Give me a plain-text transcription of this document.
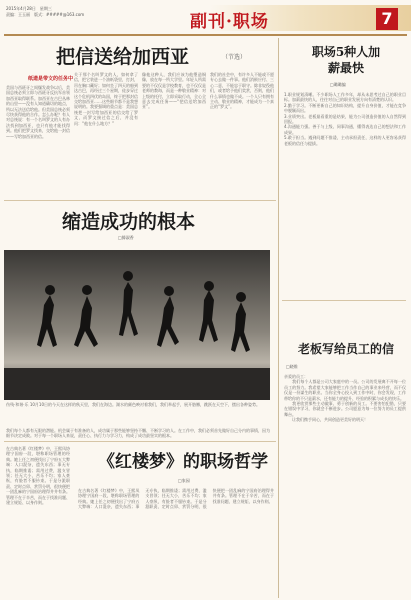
2015年4月28日　星期三
责编：王玉丽　版式：#####@163.com	副刊·职场	7
把信送给加西亚	（节选）
纸遗是带文的任务中
美国与西班牙之间爆发战争以后，美国总统必须立即与西班牙反抗军首领加西亚取得联系。加西亚在古巴丛林的山里——没有人知道确切的地点，所以无法送信给他。但美国总统必须尽快获得他的合作。怎么办呢？有人对总统说：有一个名叫罗文的人有办法找到加西亚，也只有他才能找得到。他们把罗文找来，交给他一封信——写给加西亚的信。
关于那个名叫罗文的人，如何拿了信，把它装进一个油纸袋里，打封，吊在胸口藏好；如何坐了四天的船到达古巴，再经过三个星期，徒步穿过这个危机四伏的岛国，终于把那封信交给加西亚……这些细节都不是我想说明的。我要强调的重点是：美国总统把一封写给加西亚的信交给了罗文，而罗文接过信之后，并没有问：“他在什么地方？”
像他这种人，我们应该为他塑造铜像，放在每一所大学里。年轻人所需要的不仅仅是学校教育，也不仅仅是老师的教诲，而是一种敬业精神：对上级的托付，立即采取行动，全心全意去完成任务——“把信送给加西亚”。
我们的社会中，有许多人不能或不愿专心去做一件事。他们消极应付、三心二意，不能忠于职守。除非奴役他们，或者给予他们奖赏，否则，他们什么事情也做不成。一个人只有拥有主动、敬业的精神，才能成为一个真正的“罗文”。
缩造成功的根本
□滕淑香
伤残·和谐·乐 10月10日的今天在这样的秋天里，我们在海边。湖水的颜色映衬着我们，我们举起手，展开胳膊，跳跃在天空下，摆出各种姿势。
我们每个人都有无限的潜能。机会属于有准备的人，成功属于那些能够坚持不懈、不断学习的人。在工作中，我们必须首先做好自己分内的事情，因为细节决定成败。对于每一个职场人来说，责任心、执行力与学习力，构成了成功最坚实的根本。
在古典名著《红楼梦》中，王熙凤协理宁国府一段，堪称职场管理的经典。她上任之初便找出了宁府五大弊端：人口混杂，遗失东西；事无专执，临期推诿；需用过费，滥支冒领；任无大小，苦乐不均；家人豪纵，有脸者不服钤束。于是分派职责、定时点卯、赏罚分明，很快便把一团乱麻的宁国府治理得井井有条。管理不在于辛苦，而在于找准问题、建立规矩、以身作则。
《红楼梦》的职场哲学
□家园
在古典名著《红楼梦》中，王熙凤协理宁国府一段，堪称职场管理的经典。她上任之初便找出了宁府五大弊端：人口混杂，遗失东西；事无专执，临期推诿；需用过费，滥支冒领；任无大小，苦乐不均；家人豪纵，有脸者不服钤束。于是分派职责、定时点卯、赏罚分明，很快便把一团乱麻的宁国府治理得井井有条。管理不在于辛苦，而在于找准问题、建立规矩、以身作则。
职场5种人加薪最快
□璐璐编
1.职业规划清晰。不少职场人工作多年，却从未思考过自己的职业目标。加薪最快的人，往往对自己的职业发展方向有清楚的认识。
2.勤于学习。不断更新自己的知识结构，提升自身价值，才能在竞争中脱颖而出。
3.业绩突出。老板最看重的是结果，能为公司创造价值的人自然得到回报。
4.沟通能力强。善于与上级、同事沟通，懂得表达自己的想法和工作成果。
5.敢于担当。遇到问题不推诿，主动承担责任，这样的人更容易获得老板的信任与提拔。
老板写给员工的信
□晓维
亲爱的员工：
　　我们每个人都是公司大家庭中的一员。公司的发展离不开每一位员工的努力。我希望大家能够把工作当作自己的事业来经营，而不仅仅是一份谋生的职业。当你全身心投入到工作中时，你会发现，工作带给你的不只是薪水，还有能力的提升、经验的积累与成长的快乐。
　　我更欣赏那些主动做事、勇于创新的员工。不要害怕犯错，只要在错误中学习，你就会不断进步。公司愿意为每一位努力的员工提供舞台。
　　让我们携手同心，共同创造更美好的明天！
